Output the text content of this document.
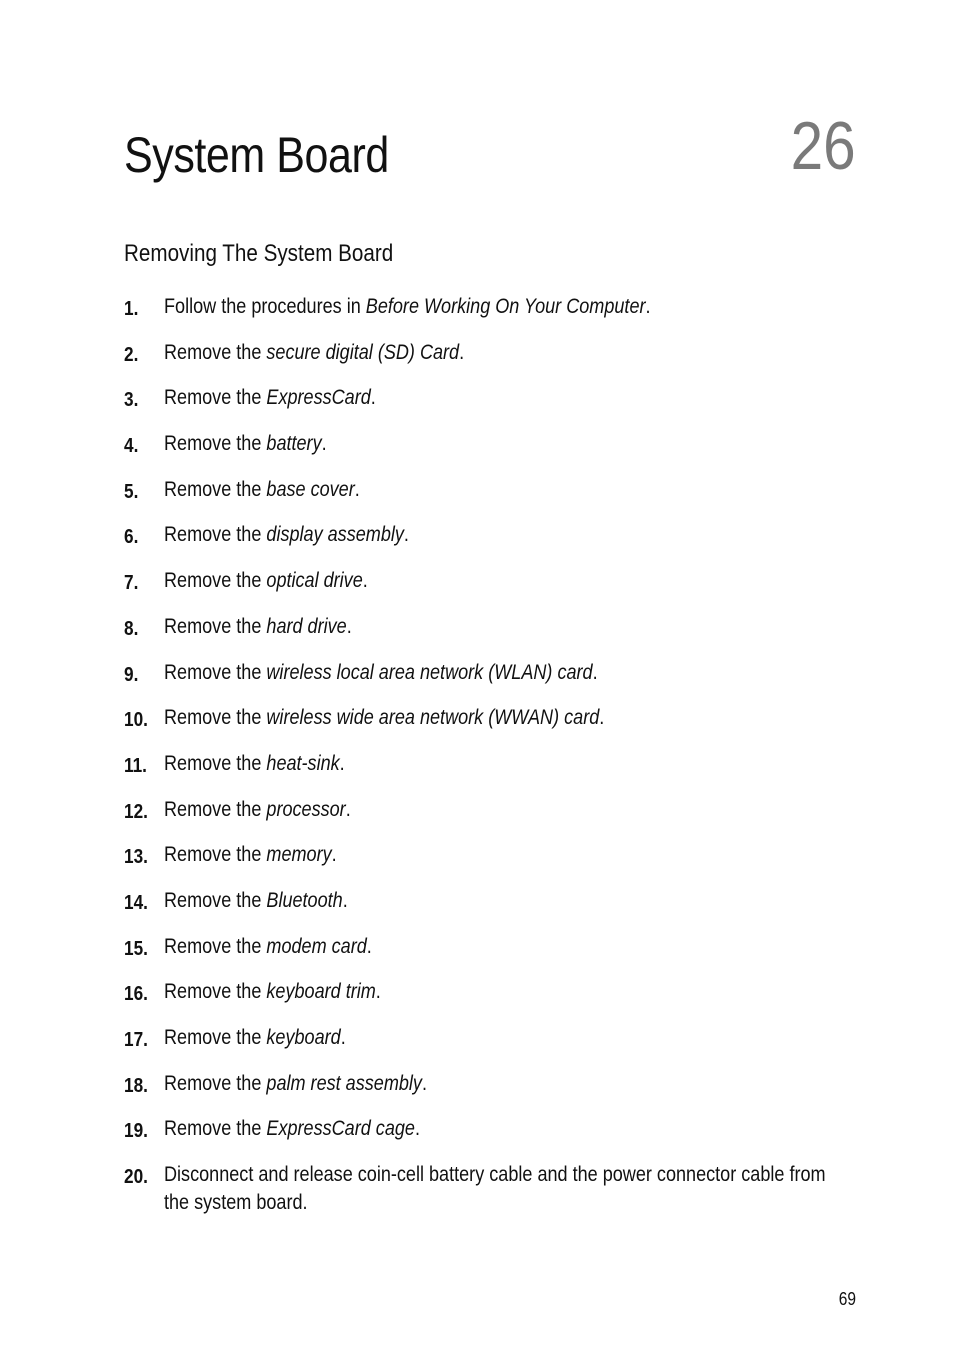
System Board	26
Removing The System Board
1. Follow the procedures in Before Working On Your Computer.
2. Remove the secure digital (SD) Card.
3. Remove the ExpressCard.
4. Remove the battery.
5. Remove the base cover.
6. Remove the display assembly.
7. Remove the optical drive.
8. Remove the hard drive.
9. Remove the wireless local area network (WLAN) card.
10. Remove the wireless wide area network (WWAN) card.
11. Remove the heat-sink.
12. Remove the processor.
13. Remove the memory.
14. Remove the Bluetooth.
15. Remove the modem card.
16. Remove the keyboard trim.
17. Remove the keyboard.
18. Remove the palm rest assembly.
19. Remove the ExpressCard cage.
20. Disconnect and release coin-cell battery cable and the power connector cable from the system board.
69
